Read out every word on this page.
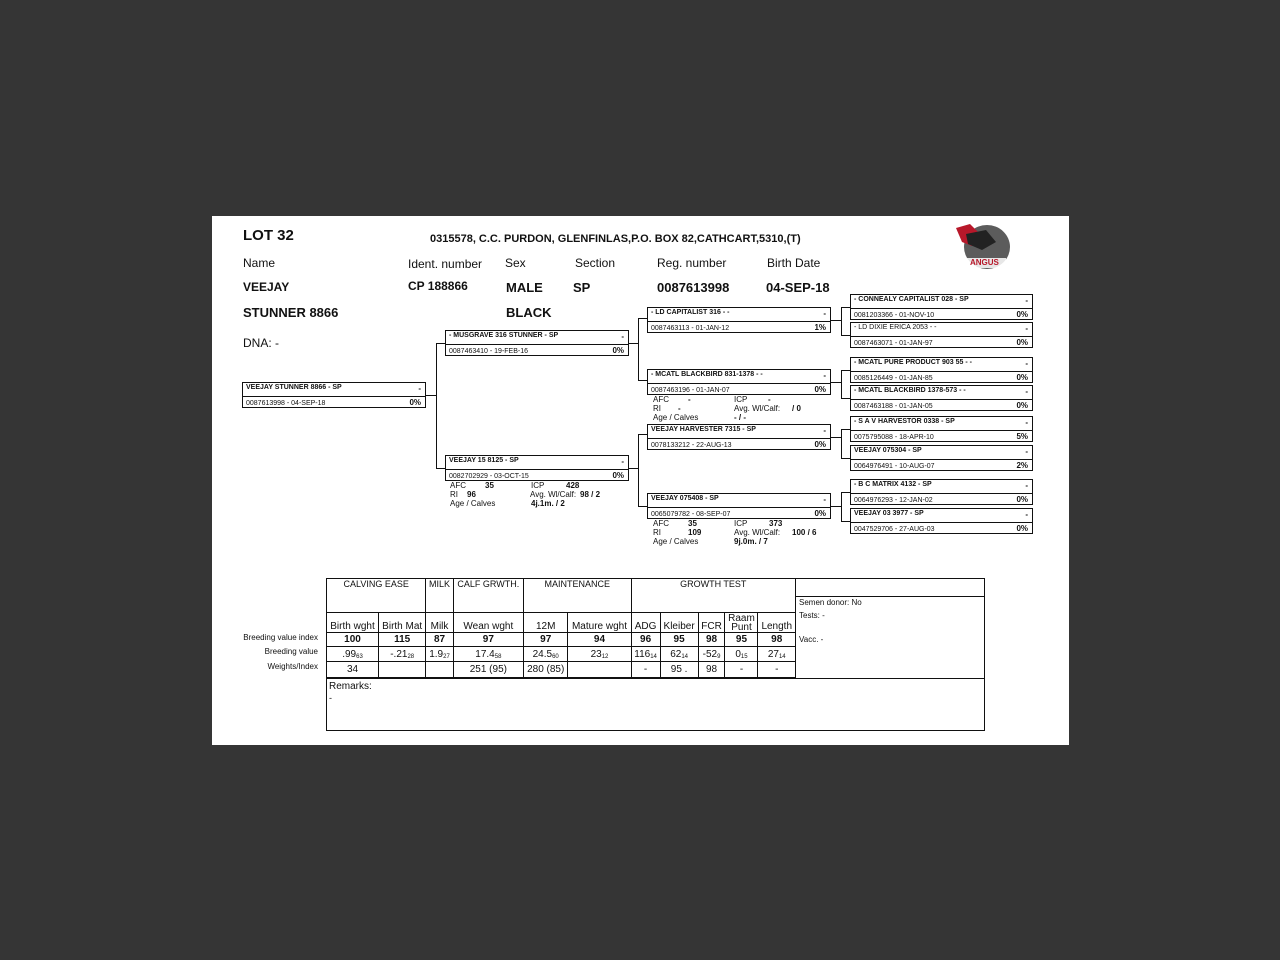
LOT 32	0315578, C.C. PURDON, GLENFINLAS,P.O. BOX 82,CATHCART,5310,(T)
ANGUS
Name	Ident. number Sex	Section	Reg. number	Birth Date
VEEJAY	CP 188866	MALE SP	0087613998	04-SEP-18
STUNNER 8866	BLACK
DNA: -
VEEJAY STUNNER 8866 - SP	-
0087613998 - 04-SEP-18	0%
- MUSGRAVE 316 STUNNER - SP	-
0087463410 - 19-FEB-16	0%
VEEJAY 15 8125 - SP	-
0082702929 - 03-OCT-15	0%
- LD CAPITALIST 316 - -	-
0087463113 - 01-JAN-12	1%
- MCATL BLACKBIRD 831-1378 - -	-
0087463196 - 01-JAN-07	0%
VEEJAY HARVESTER 7315 - SP	-
0078133212 - 22-AUG-13	0%
VEEJAY 075408 - SP	-
0065079782 - 08-SEP-07	0%
- CONNEALY CAPITALIST 028 - SP	-
0081203366 - 01-NOV-10	0%
- LD DIXIE ERICA 2053 - -	-
0087463071 - 01-JAN-97	0%
- MCATL PURE PRODUCT 903 55 - -	-
0085126449 - 01-JAN-85	0%
- MCATL BLACKBIRD 1378-573 - -	-
0087463188 - 01-JAN-05	0%
- S A V HARVESTOR 0338 - SP	-
0075795088 - 18-APR-10	5%
VEEJAY 075304 - SP	-
0064976491 - 10-AUG-07	2%
- B C MATRIX 4132 - SP	-
0064976293 - 12-JAN-02	0%
VEEJAY 03 3977 - SP	-
0047529706 - 27-AUG-03	0%
AFC 35	ICP	428
RI 96	Avg. Wl/Calf: 98 / 2
Age / Calves	4j.1m. / 2
AFC -	ICP	-
RI -	Avg. Wl/Calf: / 0
Age / Calves	- / -
AFC 35	ICP	373
RI	109	Avg. Wl/Calf: 100 / 6
Age / Calves	9j.0m. / 7
Breeding value index
Breeding value
Weights/Index
CALVING EASE		MILK	CALF GRWTH.	MAINTENANCE		GROWTH TEST				
Birth wght	Birth Mat	Milk	Wean wght	12M	Mature wght	ADG	Kleiber	FCR	Raam Punt	Length
100	115	87	97	97	94	96	95	98	95	98
$.99_{63}$	$-.21_{28}$	$1.9_{27}$	$17.4_{58}$	$24.5_{60}$	$23_{12}$	$116_{14}$	$62_{14}$	$-52_9$	$0_{15}$	$27_{14}$
34			251 (95)	280 (85)		-	95 .	98	-	-
Semen donor: No
Tests: -
Vacc. -
Remarks:
-
